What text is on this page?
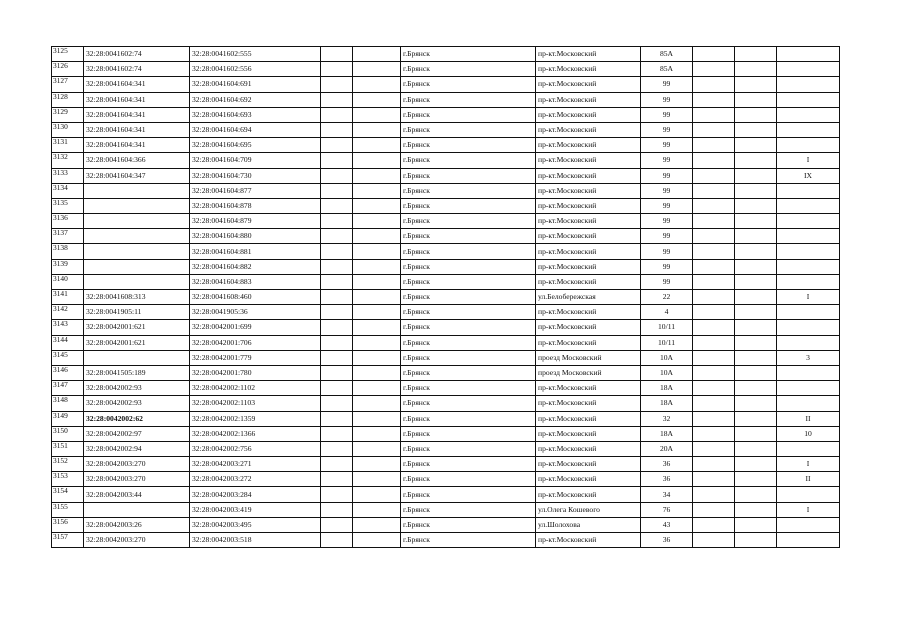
3125	32:28:0041602:74	32:28:0041602:555			г.Брянск	пр-кт.Московский	85А			
3126	32:28:0041602:74	32:28:0041602:556			г.Брянск	пр-кт.Московский	85А			
3127	32:28:0041604:341	32:28:0041604:691			г.Брянск	пр-кт.Московский	99			
3128	32:28:0041604:341	32:28:0041604:692			г.Брянск	пр-кт.Московский	99			
3129	32:28:0041604:341	32:28:0041604:693			г.Брянск	пр-кт.Московский	99			
3130	32:28:0041604:341	32:28:0041604:694			г.Брянск	пр-кт.Московский	99			
3131	32:28:0041604:341	32:28:0041604:695			г.Брянск	пр-кт.Московский	99			
3132	32:28:0041604:366	32:28:0041604:709			г.Брянск	пр-кт.Московский	99			I
3133	32:28:0041604:347	32:28:0041604:730			г.Брянск	пр-кт.Московский	99			IX
3134		32:28:0041604:877			г.Брянск	пр-кт.Московский	99			
3135		32:28:0041604:878			г.Брянск	пр-кт.Московский	99			
3136		32:28:0041604:879			г.Брянск	пр-кт.Московский	99			
3137		32:28:0041604:880			г.Брянск	пр-кт.Московский	99			
3138		32:28:0041604:881			г.Брянск	пр-кт.Московский	99			
3139		32:28:0041604:882			г.Брянск	пр-кт.Московский	99			
3140		32:28:0041604:883			г.Брянск	пр-кт.Московский	99			
3141	32:28:0041608:313	32:28:0041608:460			г.Брянск	ул.Белобережская	22			I
3142	32:28:0041905:11	32:28:0041905:36			г.Брянск	пр-кт.Московский	4			
3143	32:28:0042001:621	32:28:0042001:699			г.Брянск	пр-кт.Московский	10/11			
3144	32:28:0042001:621	32:28:0042001:706			г.Брянск	пр-кт.Московский	10/11			
3145		32:28:0042001:779			г.Брянск	проезд Московский	10А			3
3146	32:28:0041505:189	32:28:0042001:780			г.Брянск	проезд Московский	10А			
3147	32:28:0042002:93	32:28:0042002:1102			г.Брянск	пр-кт.Московский	18А			
3148	32:28:0042002:93	32:28:0042002:1103			г.Брянск	пр-кт.Московский	18А			
3149	32:28:0042002:62	32:28:0042002:1359			г.Брянск	пр-кт.Московский	32			II
3150	32:28:0042002:97	32:28:0042002:1366			г.Брянск	пр-кт.Московский	18А			10
3151	32:28:0042002:94	32:28:0042002:756			г.Брянск	пр-кт.Московский	20А			
3152	32:28:0042003:270	32:28:0042003:271			г.Брянск	пр-кт.Московский	36			I
3153	32:28:0042003:270	32:28:0042003:272			г.Брянск	пр-кт.Московский	36			II
3154	32:28:0042003:44	32:28:0042003:284			г.Брянск	пр-кт.Московский	34			
3155		32:28:0042003:419			г.Брянск	ул.Олега Кошевого	76			I
3156	32:28:0042003:26	32:28:0042003:495			г.Брянск	ул.Шолохова	43			
3157	32:28:0042003:270	32:28:0042003:518			г.Брянск	пр-кт.Московский	36			
